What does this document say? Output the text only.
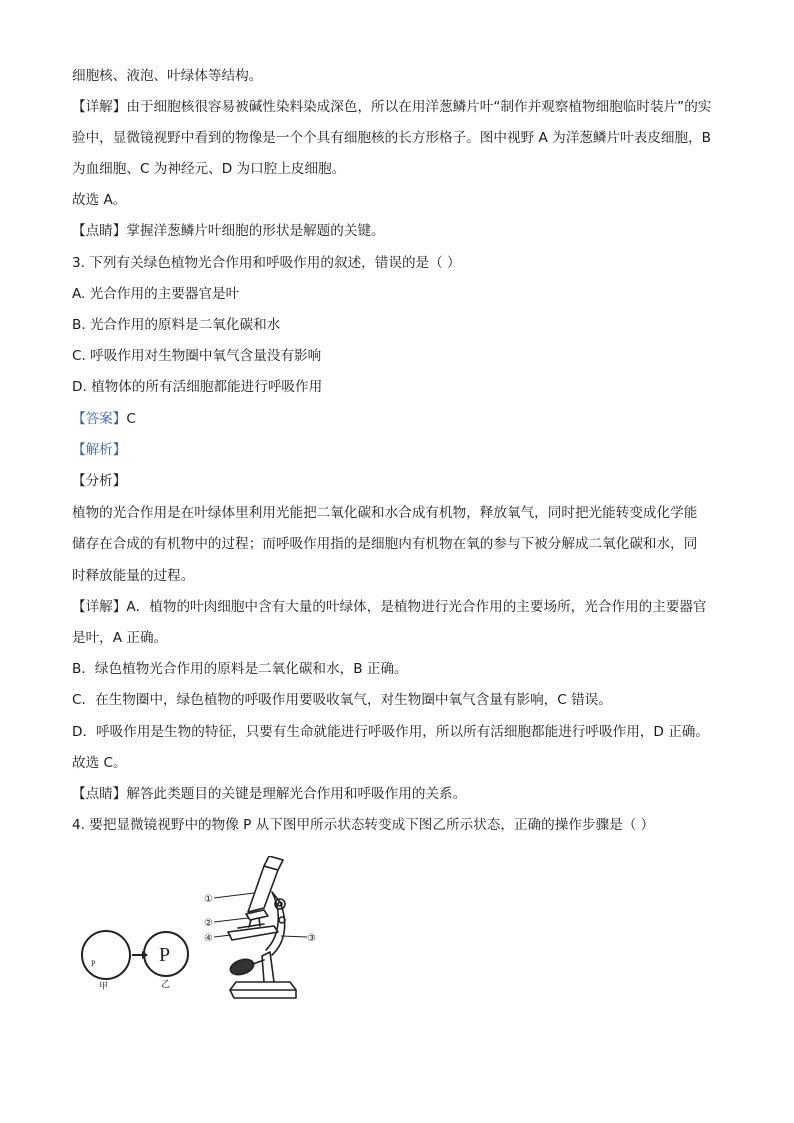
细胞核、液泡、叶绿体等结构。
【详解】由于细胞核很容易被碱性染料染成深色，所以在用洋葱鳞片叶“制作并观察植物细胞临时装片”的实
验中，显微镜视野中看到的物像是一个个具有细胞核的长方形格子。图中视野 A 为洋葱鳞片叶表皮细胞，B
为血细胞、C 为神经元、D 为口腔上皮细胞。
故选 A。
【点睛】掌握洋葱鳞片叶细胞的形状是解题的关键。
3. 下列有关绿色植物光合作用和呼吸作用的叙述，错误的是（ ）
A. 光合作用的主要器官是叶
B. 光合作用的原料是二氧化碳和水
C. 呼吸作用对生物圈中氧气含量没有影响
D. 植物体的所有活细胞都能进行呼吸作用
【答案】C
【解析】
【分析】
植物的光合作用是在叶绿体里利用光能把二氧化碳和水合成有机物，释放氧气，同时把光能转变成化学能
储存在合成的有机物中的过程；而呼吸作用指的是细胞内有机物在氧的参与下被分解成二氧化碳和水，同
时释放能量的过程。
【详解】A．植物的叶肉细胞中含有大量的叶绿体，是植物进行光合作用的主要场所，光合作用的主要器官
是叶，A 正确。
B．绿色植物光合作用的原料是二氧化碳和水，B 正确。
C．在生物圈中，绿色植物的呼吸作用要吸收氧气，对生物圈中氧气含量有影响，C 错误。
D．呼吸作用是生物的特征，只要有生命就能进行呼吸作用，所以所有活细胞都能进行呼吸作用，D 正确。
故选 C。
【点睛】解答此类题目的关键是理解光合作用和呼吸作用的关系。
4. 要把显微镜视野中的物像 P 从下图甲所示状态转变成下图乙所示状态，正确的操作步骤是（ ）
P
甲
P
乙
①
②
④	③
